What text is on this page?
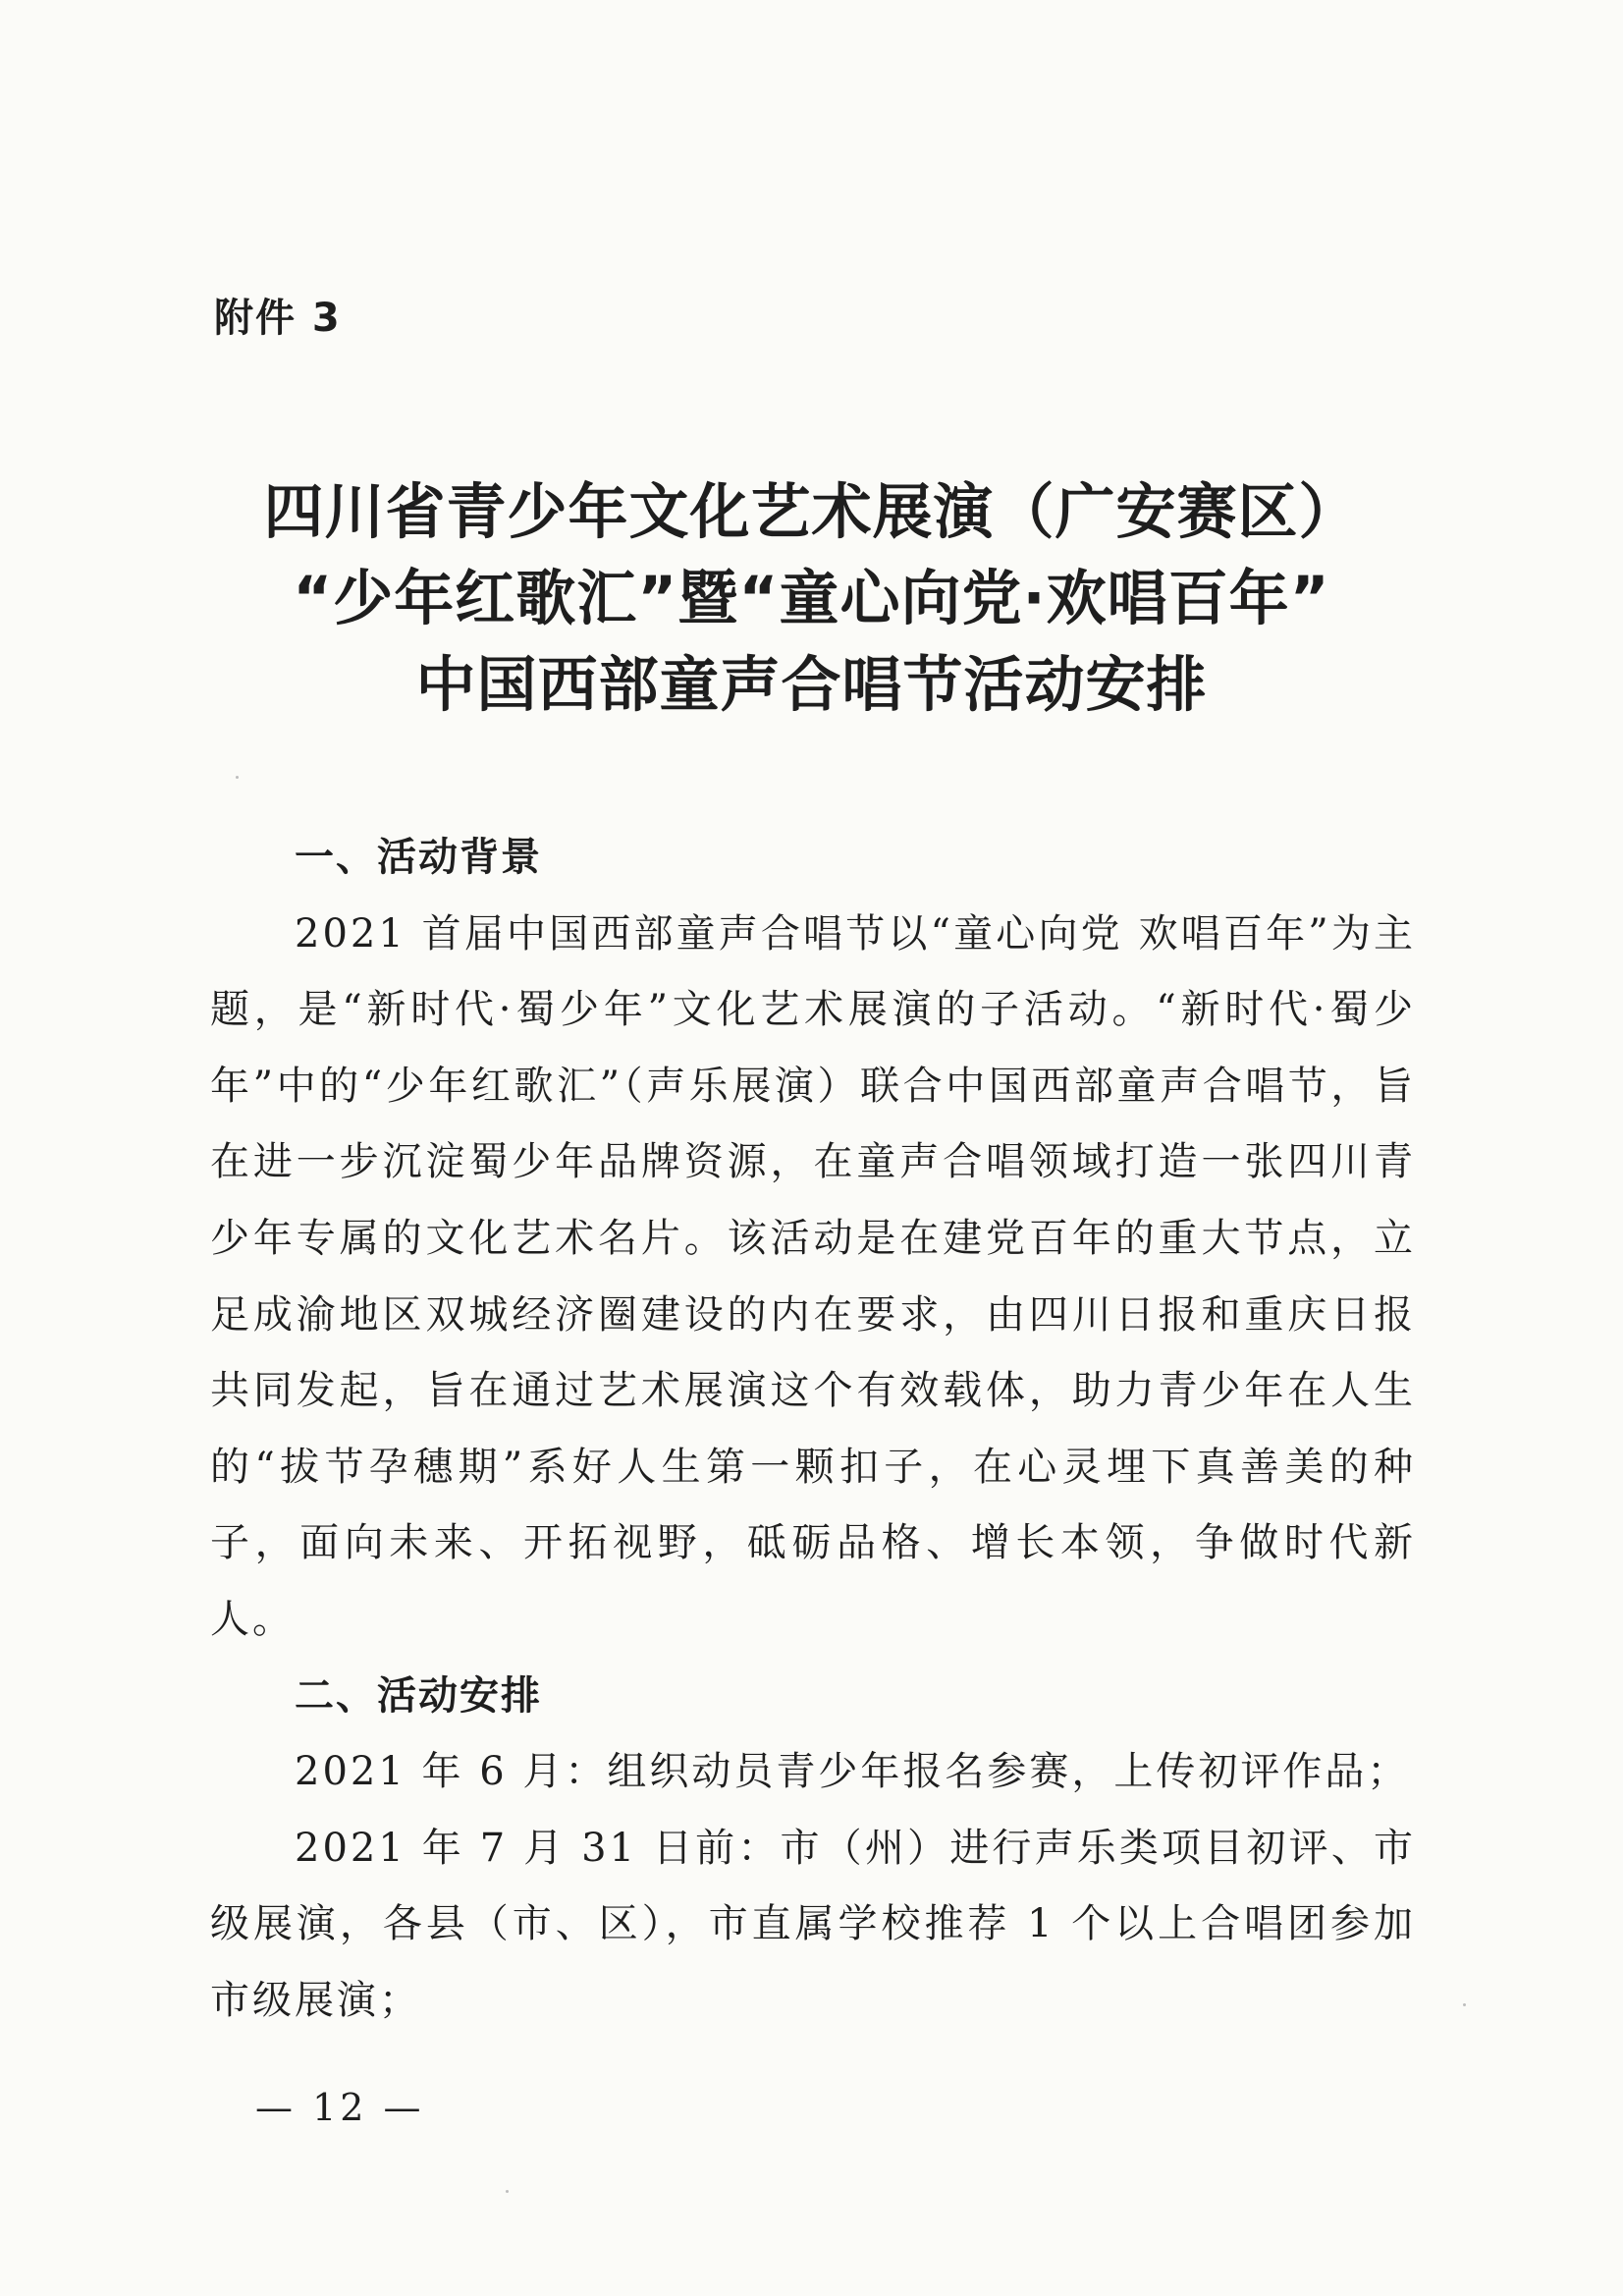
附件 3
四川省青少年文化艺术展演（广安赛区）
“少年红歌汇”暨“童心向党·欢唱百年”
中国西部童声合唱节活动安排
一、活动背景

2021 首届中国西部童声合唱节以“童心向党 欢唱百年”为主题，是“新时代·蜀少年”文化艺术展演的子活动。“新时代·蜀少年”中的“少年红歌汇”（声乐展演）联合中国西部童声合唱节，旨在进一步沉淀蜀少年品牌资源，在童声合唱领域打造一张四川青少年专属的文化艺术名片。该活动是在建党百年的重大节点，立足成渝地区双城经济圈建设的内在要求，由四川日报和重庆日报共同发起，旨在通过艺术展演这个有效载体，助力青少年在人生的“拔节孕穗期”系好人生第一颗扣子，在心灵埋下真善美的种子，面向未来、开拓视野，砥砺品格、增长本领，争做时代新人。

二、活动安排

2021 年 6 月：组织动员青少年报名参赛，上传初评作品；

2021 年 7 月 31 日前：市（州）进行声乐类项目初评、市级展演，各县（市、区），市直属学校推荐 1 个以上合唱团参加市级展演；

— 12 —
